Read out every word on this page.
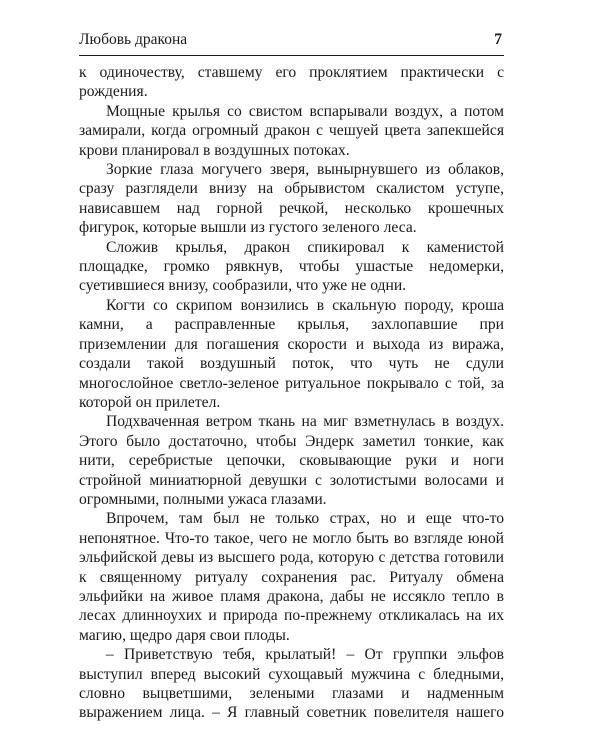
Любовь дракона	7

к одиночеству, ставшему его проклятием практически с рождения.

Мощные крылья со свистом вспарывали воздух, а потом замирали, когда огромный дракон с чешуей цвета запекшейся крови планировал в воздушных потоках.

Зоркие глаза могучего зверя, вынырнувшего из облаков, сразу разглядели внизу на обрывистом скалистом уступе, нависавшем над горной речкой, несколько крошечных фигурок, которые вышли из густого зеленого леса.

Сложив крылья, дракон спикировал к каменистой площадке, громко рявкнув, чтобы ушастые недомерки, суетившиеся внизу, сообразили, что уже не одни.

Когти со скрипом вонзились в скальную породу, кроша камни, а расправленные крылья, захлопавшие при приземлении для погашения скорости и выхода из виража, создали такой воздушный поток, что чуть не сдули многослойное светло-зеленое ритуальное покрывало с той, за которой он прилетел.

Подхваченная ветром ткань на миг взметнулась в воздух. Этого было достаточно, чтобы Эндерк заметил тонкие, как нити, серебристые цепочки, сковывающие руки и ноги стройной миниатюрной девушки с золотистыми волосами и огромными, полными ужаса глазами.

Впрочем, там был не только страх, но и еще что-то непонятное. Что-то такое, чего не могло быть во взгляде юной эльфийской девы из высшего рода, которую с детства готовили к священному ритуалу сохранения рас. Ритуалу обмена эльфийки на живое пламя дракона, дабы не иссякло тепло в лесах длинноухих и природа по-прежнему откликалась на их магию, щедро даря свои плоды.

– Приветствую тебя, крылатый! – От группки эльфов выступил вперед высокий сухощавый мужчина с бледными, словно выцветшими, зелеными глазами и надменным выражением лица. – Я главный советник повелителя нашего
